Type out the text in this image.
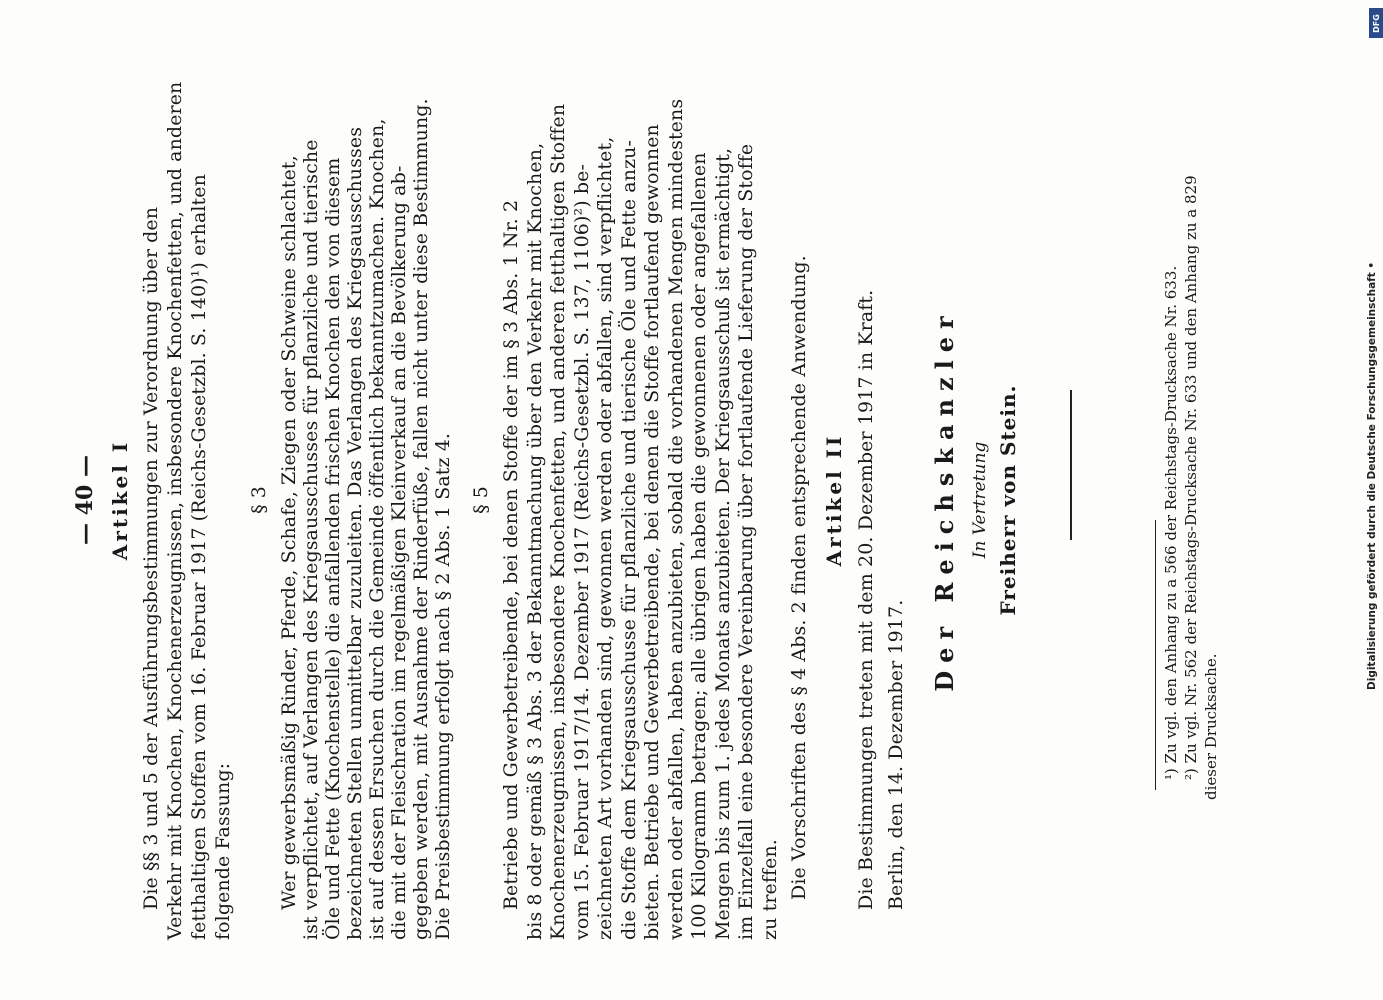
— 40 — Artikel I Die §§ 3 und 5 der Ausführungsbestimmungen zur Verordnung über den Verkehr mit Knochen, Knochenerzeugnissen, insbesondere Knochenfetten, und anderen fetthaltigen Stoffen vom 16. Februar 1917 (Reichs-Gesetzbl. S. 140)¹) erhalten folgende Fassung:
§ 3 Wer gewerbsmäßig Rinder, Pferde, Schafe, Ziegen oder Schweine schlachtet, ist verpflichtet, auf Verlangen des Kriegsausschusses für pflanzliche und tierische Öle und Fette (Knochenstelle) die anfallenden frischen Knochen den von diesem bezeichneten Stellen unmittelbar zuzuleiten. Das Verlangen des Kriegsausschusses ist auf dessen Ersuchen durch die Gemeinde öffentlich bekanntzumachen. Knochen, die mit der Fleischration im regelmäßigen Kleinverkauf an die Bevölkerung ab- gegeben werden, mit Ausnahme der Rinderfüße, fallen nicht unter diese Bestimmung. Die Preisbestimmung erfolgt nach § 2 Abs. 1 Satz 4. § 5 Betriebe und Gewerbetreibende, bei denen Stoffe der im § 3 Abs. 1 Nr. 2 bis 8 oder gemäß § 3 Abs. 3 der Bekanntmachung über den Verkehr mit Knochen, Knochenerzeugnissen, insbesondere Knochenfetten, und anderen fetthaltigen Stoffen vom 15. Februar 1917/14. Dezember 1917 (Reichs-Gesetzbl. S. 137, 1106)²) be- zeichneten Art vorhanden sind, gewonnen werden oder abfallen, sind verpflichtet, die Stoffe dem Kriegsausschusse für pflanzliche und tierische Öle und Fette anzu- bieten. Betriebe und Gewerbetreibende, bei denen die Stoffe fortlaufend gewonnen werden oder abfallen, haben anzubieten, sobald die vorhandenen Mengen mindestens 100 Kilogramm betragen; alle übrigen haben die gewonnenen oder angefallenen Mengen bis zum 1. jedes Monats anzubieten. Der Kriegsausschuß ist ermächtigt, im Einzelfall eine besondere Vereinbarung über fortlaufende Lieferung der Stoffe zu treffen. Die Vorschriften des § 4 Abs. 2 finden entsprechende Anwendung. Artikel II Die Bestimmungen treten mit dem 20. Dezember 1917 in Kraft. Berlin, den 14. Dezember 1917.
Der Reichskanzler In Vertretung Freiherr von Stein.	¹) Zu vgl. den Anhang zu a 566 der Reichstags-Drucksache Nr. 633. ²) Zu vgl. Nr. 562 der Reichstags-Drucksache Nr. 633 und den Anhang zu a 829 dieser Drucksache.
Digitalisierung gefördert durch die Deutsche Forschungsgemeinschaft •
DFG
